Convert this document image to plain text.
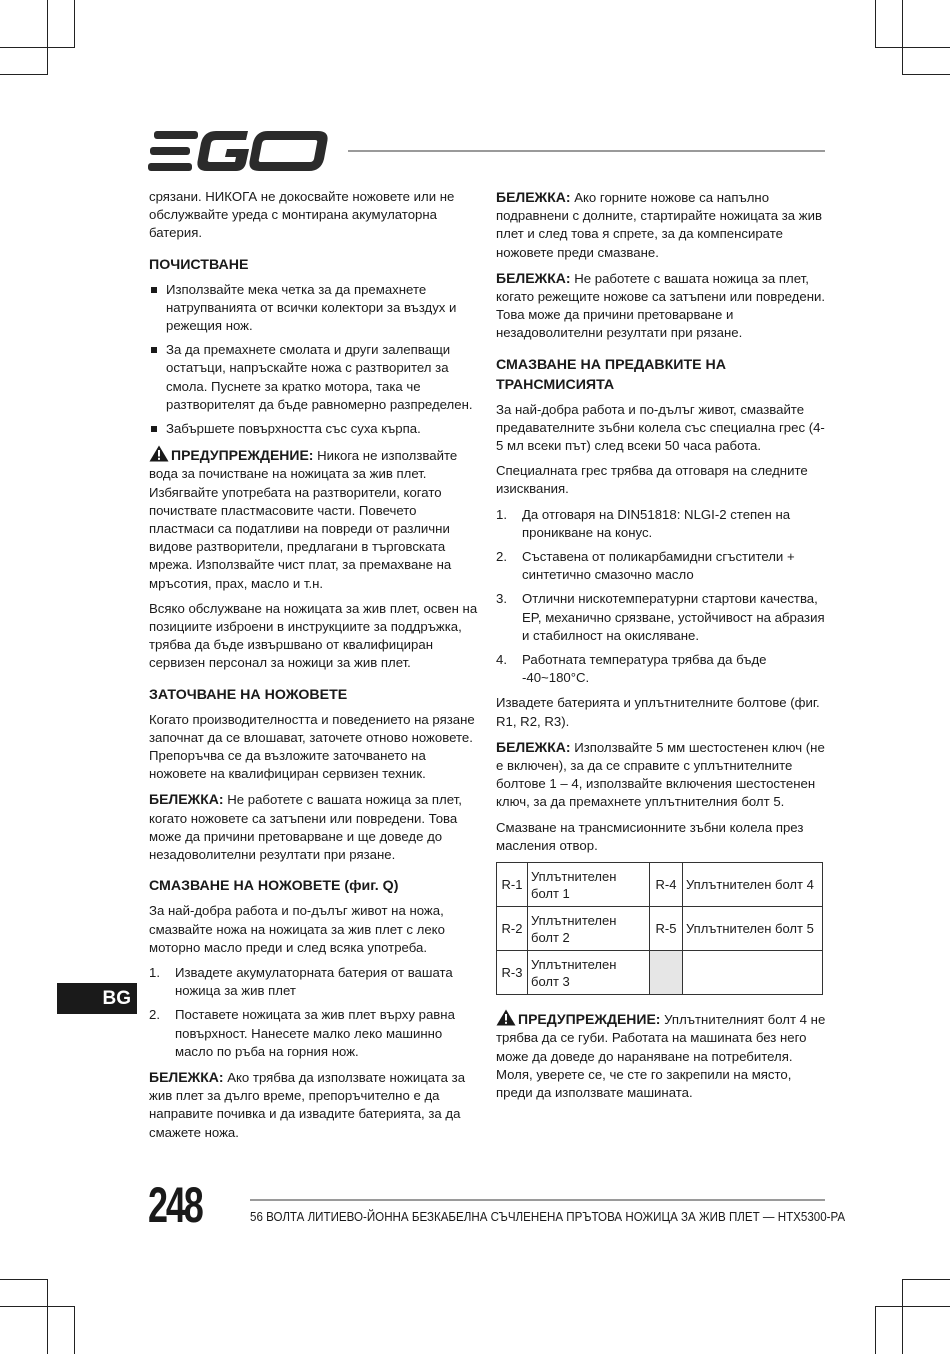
срязани. НИКОГА не докосвайте ножовете или не обслужвайте уреда с монтирана акумулаторна батерия.

ПОЧИСТВАНЕ
Използвайте мека четка за да премахнете натрупванията от всички колектори за въздух и режещия нож.
За да премахнете смолата и други залепващи остатъци, напръскайте ножа с разтворител за смола. Пуснете за кратко мотора, така че разтворителят да бъде равномерно разпределен.
Забършете повърхността със суха кърпа.

ПРЕДУПРЕЖДЕНИЕ: Никога не използвайте вода за почистване на ножицата за жив плет. Избягвайте употребата на разтворители, когато почиствате пластмасовите части. Повечето пластмаси са податливи на повреди от различни видове разтворители, предлагани в търговската мрежа. Използвайте чист плат, за премахване на мръсотия, прах, масло и т.н.

Всяко обслужване на ножицата за жив плет, освен на позициите изброени в инструкциите за поддръжка, трябва да бъде извършвано от квалифициран сервизен персонал за ножици за жив плет.

ЗАТОЧВАНЕ НА НОЖОВЕТЕ

Когато производителността и поведението на рязане започнат да се влошават, заточете отново ножовете. Препоръчва се да възложите заточването на ножовете на квалифициран сервизен техник.

БЕЛЕЖКА: Не работете с вашата ножица за плет, когато ножовете са затъпени или повредени. Това може да причини претоварване и ще доведе до незадоволителни резултати при рязане.

СМАЗВАНЕ НА НОЖОВЕТЕ (фиг. Q)

За най-добра работа и по-дълъг живот на ножа, смазвайте ножа на ножицата за жив плет с леко моторно масло преди и след всяка употреба.

1. Извадете акумулаторната батерия от вашата ножица за жив плет
2. Поставете ножицата за жив плет върху равна повърхност. Нанесете малко леко машинно масло по ръба на горния нож.

БЕЛЕЖКА: Ако трябва да използвате ножицата за жив плет за дълго време, препоръчително е да направите почивка и да извадите батерията, за да смажете ножа.

БЕЛЕЖКА: Ако горните ножове са напълно подравнени с долните, стартирайте ножицата за жив плет и след това я спрете, за да компенсирате ножовете преди смазване.

БЕЛЕЖКА: Не работете с вашата ножица за плет, когато режещите ножове са затъпени или повредени. Това може да причини претоварване и незадоволителни резултати при рязане.

СМАЗВАНЕ НА ПРЕДАВКИТЕ НА ТРАНСМИСИЯТА

За най-добра работа и по-дълъг живот, смазвайте предавателните зъбни колела със специална грес (4-5 мл всеки път) след всеки 50 часа работа.

Специалната грес трябва да отговаря на следните изисквания.

1. Да отговаря на DIN51818: NLGI-2 степен на проникване на конус.
2. Съставена от поликарбамидни сгъстители + синтетично смазочно масло
3. Отлични нискотемпературни стартови качества, EP, механично срязване, устойчивост на абразия и стабилност на окисляване.
4. Работната температура трябва да бъде -40~180°C.

Извадете батерията и уплътнителните болтове (фиг. R1, R2, R3).

БЕЛЕЖКА: Използвайте 5 мм шестостенен ключ (не е включен), за да се справите с уплътнителните болтове 1 – 4, използвайте включения шестостенен ключ, за да премахнете уплътнителния болт 5.

Смазване на трансмисионните зъбни колела през масления отвор.

R-1	Уплътнителен болт 1	R-4	Уплътнителен болт 4
R-2	Уплътнителен болт 2	R-5	Уплътнителен болт 5
R-3	Уплътнителен болт 3		

ПРЕДУПРЕЖДЕНИЕ: Уплътнителният болт 4 не трябва да се губи. Работата на машината без него може да доведе до нараняване на потребителя. Моля, уверете се, че сте го закрепили на място, преди да използвате машината.

BG
248	56 ВОЛТА ЛИТИЕВО-ЙОННА БЕЗКАБЕЛНА СЪЧЛЕНЕНА ПРЪТОВА НОЖИЦА ЗА ЖИВ ПЛЕТ — HTX5300-PA
